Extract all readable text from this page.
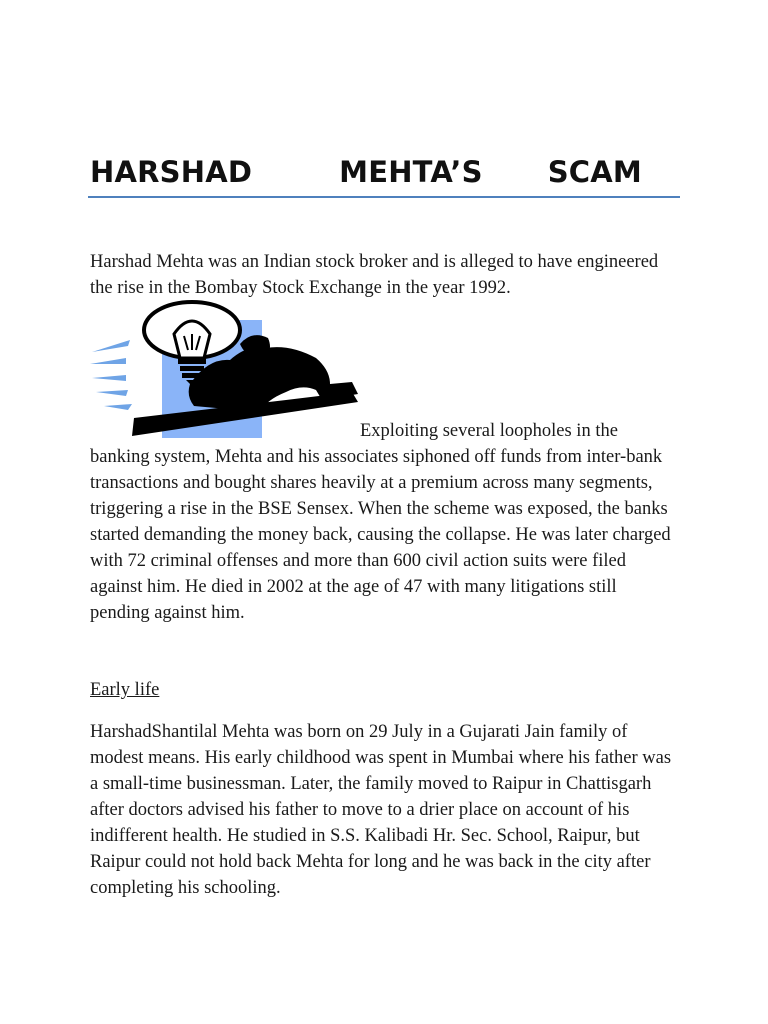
HARSHAD	MEHTA’S SCAM

Harshad Mehta was an Indian stock broker and is alleged to have engineered the rise in the Bombay Stock Exchange in the year 1992.

Exploiting several loopholes in the banking system, Mehta and his associates siphoned off funds from inter-bank transactions and bought shares heavily at a premium across many segments, triggering a rise in the BSE Sensex. When the scheme was exposed, the banks started demanding the money back, causing the collapse. He was later charged with 72 criminal offenses and more than 600 civil action suits were filed against him. He died in 2002 at the age of 47 with many litigations still pending against him.

Early life

HarshadShantilal Mehta was born on 29 July in a Gujarati Jain family of modest means. His early childhood was spent in Mumbai where his father was a small-time businessman. Later, the family moved to Raipur in Chattisgarh after doctors advised his father to move to a drier place on account of his indifferent health. He studied in S.S. Kalibadi Hr. Sec. School, Raipur, but Raipur could not hold back Mehta for long and he was back in the city after completing his schooling.
